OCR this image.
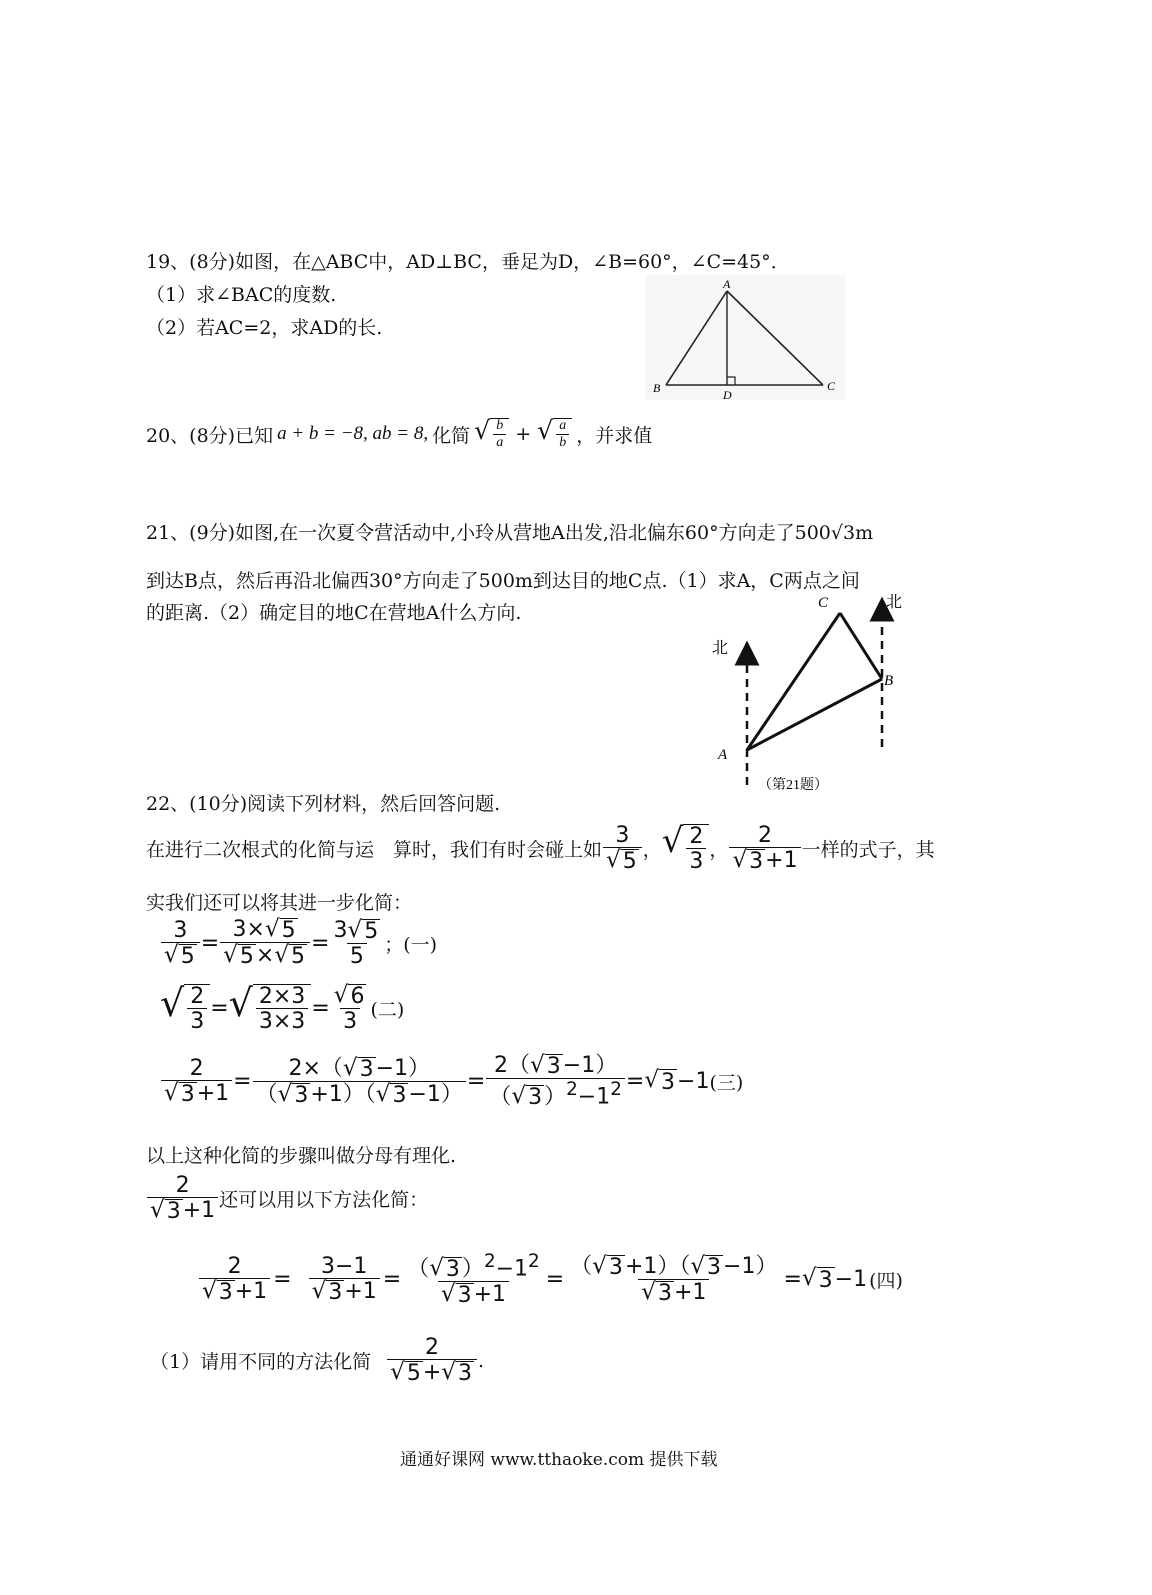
19、(8分)如图，在△ABC中，AD⊥BC，垂足为D，∠B=60°，∠C=45°．
（1）求∠BAC的度数.
（2）若AC=2，求AD的长.
A
B	C
D
20、(8分)已知 a + b = −8, ab = 8, 化简 √ $\frac{b}{a}$ + √ $\frac{a}{b}$ ，并求值
21、(9分)如图,在一次夏令营活动中,小玲从营地A出发,沿北偏东60°方向走了500√3m
到达B点，然后再沿北偏西30°方向走了500m到达目的地C点.（1）求A，C两点之间
的距离.（2）确定目的地C在营地A什么方向.
北
北
A
B
C
（第21题）
22、(10分)阅读下列材料，然后回答问题.
在进行二次根式的化简与运　算时，我们有时会碰上如 $\frac{3}{√ 5}$ ， √ $\frac{2}{3}$ ， $\frac{2}{√ 3 +1}$ 一样的式子，其
实我们还可以将其进一步化简：
$\frac{3}{√ 5} = \frac{3\times √ 5}{√ 5 \times √ 5} = \frac{3 √ 5}{5}$ ；(一)
√ $\frac{2}{3}$ = √ $\frac{2\times 3}{3\times 3} = \frac{√ 6}{3}$ (二)
$\frac{2}{√ 3 +1} = \frac{2\times( √ 3 -1)}{( √ 3 +1)( √ 3 -1)} = \frac{2( √ 3 -1)}{( √ 3 )^2-1^2}$ = √ 3 −1 (三)
以上这种化简的步骤叫做分母有理化.
$\frac{2}{√ 3 +1}$ 还可以用以下方法化简：
$\frac{2}{√ 3 +1} = \frac{3-1}{√ 3 +1} = \frac{( √ 3 )^2-1^2}{√ 3 +1} = \frac{( √ 3 +1)( √ 3 -1)}{√ 3 +1}$ = √ 3 −1 (四)
（1）请用不同的方法化简 $\frac{2}{√ 5 + √ 3}$ .
通通好课网 www.tthaoke.com 提供下载
